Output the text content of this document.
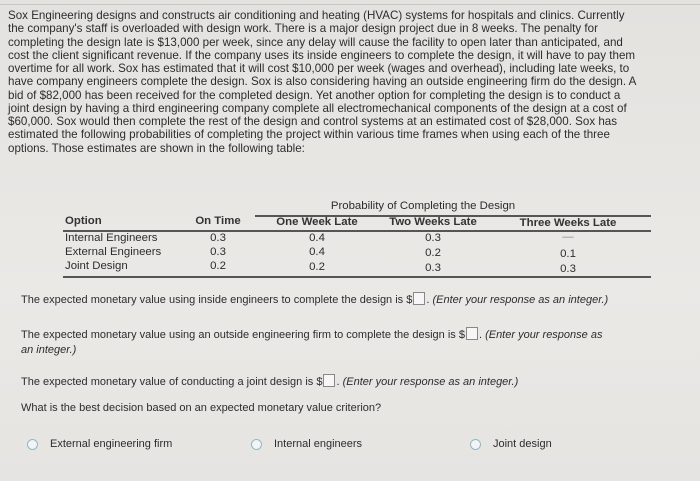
Sox Engineering designs and constructs air conditioning and heating (HVAC) systems for hospitals and clinics. Currently
the company's staff is overloaded with design work. There is a major design project due in 8 weeks. The penalty for
completing the design late is $13,000 per week, since any delay will cause the facility to open later than anticipated, and
cost the client significant revenue. If the company uses its inside engineers to complete the design, it will have to pay them
overtime for all work. Sox has estimated that it will cost $10,000 per week (wages and overhead), including late weeks, to
have company engineers complete the design. Sox is also considering having an outside engineering firm do the design. A
bid of $82,000 has been received for the completed design. Yet another option for completing the design is to conduct a
joint design by having a third engineering company complete all electromechanical components of the design at a cost of
$60,000. Sox would then complete the rest of the design and control systems at an estimated cost of $28,000. Sox has
estimated the following probabilities of completing the project within various time frames when using each of the three
options. Those estimates are shown in the following table:
Probability of Completing the Design
Option	On Time	One Week Late	Two Weeks Late	Three Weeks Late
Internal Engineers	0.3	0.4	0.3	—
External Engineers	0.3	0.4	0.2	0.1
Joint Design	0.2	0.2	0.3	0.3
The expected monetary value using inside engineers to complete the design is $ . (Enter your response as an integer.)
The expected monetary value using an outside engineering firm to complete the design is $ . (Enter your response as
an integer.)
The expected monetary value of conducting a joint design is $ . (Enter your response as an integer.)
What is the best decision based on an expected monetary value criterion?
External engineering firm	Internal engineers	Joint design
